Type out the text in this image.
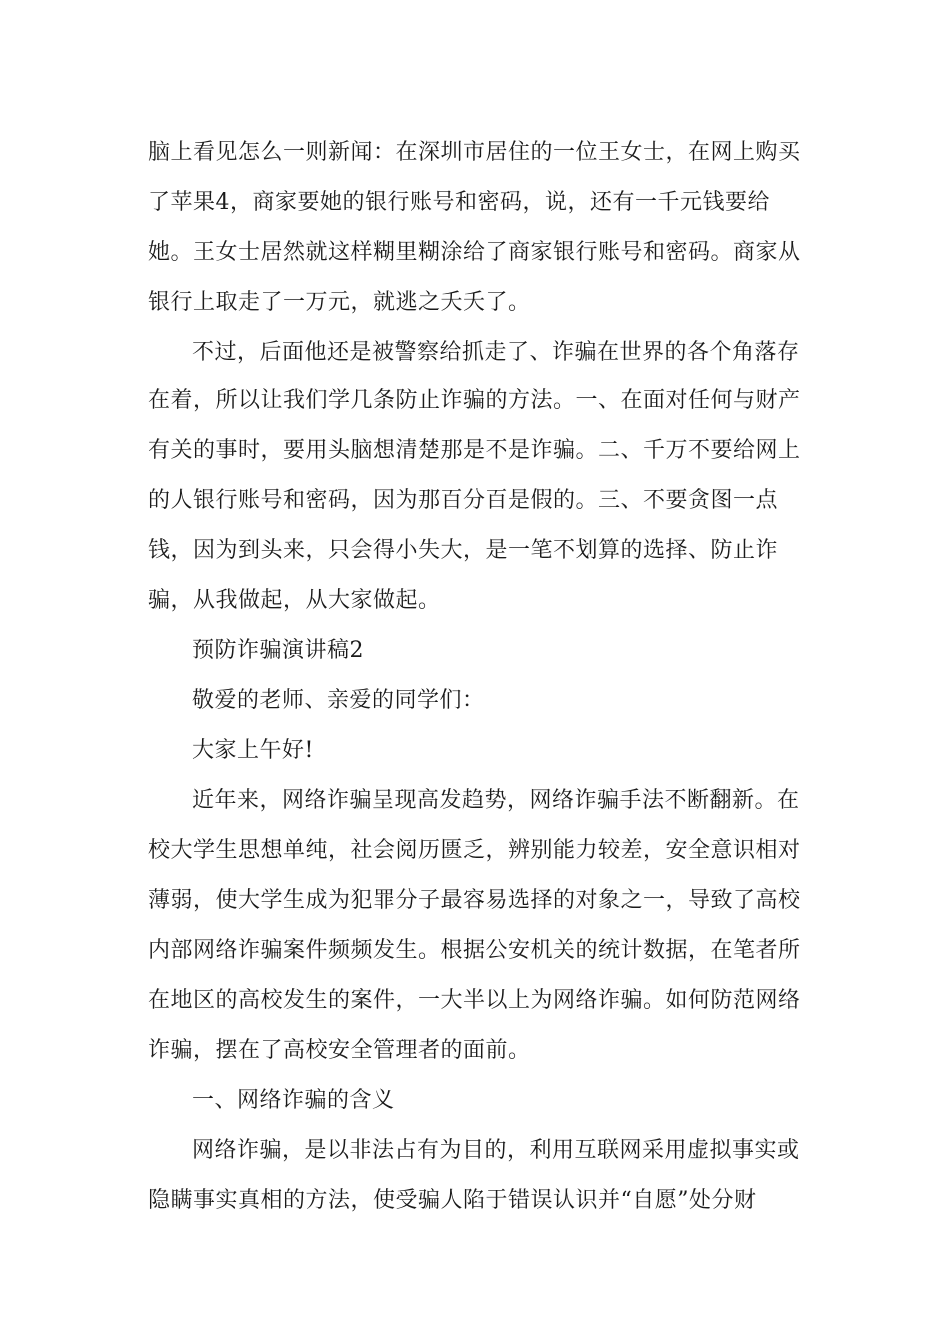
脑上看见怎么一则新闻：在深圳市居住的一位王女士，在网上购买
了苹果4，商家要她的银行账号和密码，说，还有一千元钱要给
她。王女士居然就这样糊里糊涂给了商家银行账号和密码。商家从
银行上取走了一万元，就逃之夭夭了。
不过，后面他还是被警察给抓走了、诈骗在世界的各个角落存
在着，所以让我们学几条防止诈骗的方法。一、在面对任何与财产
有关的事时，要用头脑想清楚那是不是诈骗。二、千万不要给网上
的人银行账号和密码，因为那百分百是假的。三、不要贪图一点
钱，因为到头来，只会得小失大，是一笔不划算的选择、防止诈
骗，从我做起，从大家做起。
预防诈骗演讲稿2
敬爱的老师、亲爱的同学们：
大家上午好!
近年来，网络诈骗呈现高发趋势，网络诈骗手法不断翻新。在
校大学生思想单纯，社会阅历匮乏，辨别能力较差，安全意识相对
薄弱，使大学生成为犯罪分子最容易选择的对象之一，导致了高校
内部网络诈骗案件频频发生。根据公安机关的统计数据，在笔者所
在地区的高校发生的案件，一大半以上为网络诈骗。如何防范网络
诈骗，摆在了高校安全管理者的面前。
一、网络诈骗的含义
网络诈骗，是以非法占有为目的，利用互联网采用虚拟事实或
隐瞒事实真相的方法，使受骗人陷于错误认识并“自愿”处分财
